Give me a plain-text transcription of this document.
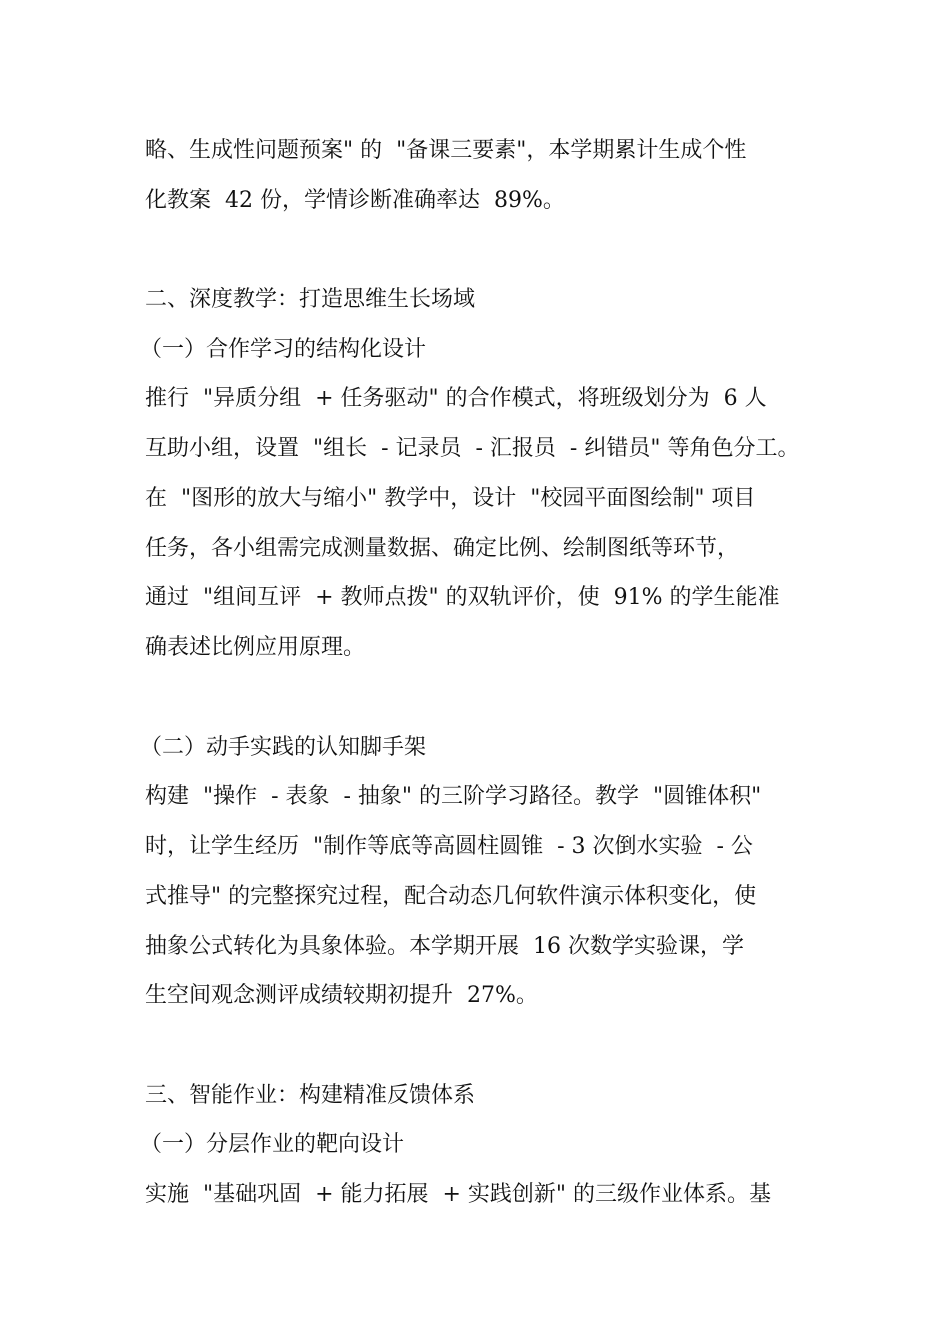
略、生成性问题预案" 的  "备课三要素"，本学期累计生成个性

化教案  42 份，学情诊断准确率达  89%。

二、深度教学：打造思维生长场域

（一）合作学习的结构化设计

推行  "异质分组  + 任务驱动" 的合作模式，将班级划分为  6 人

互助小组，设置  "组长  - 记录员  - 汇报员  - 纠错员" 等角色分工。

在  "图形的放大与缩小" 教学中，设计  "校园平面图绘制" 项目

任务，各小组需完成测量数据、确定比例、绘制图纸等环节，

通过  "组间互评  + 教师点拨" 的双轨评价，使  91% 的学生能准

确表述比例应用原理。

（二）动手实践的认知脚手架

构建  "操作  - 表象  - 抽象" 的三阶学习路径。教学  "圆锥体积"

时，让学生经历  "制作等底等高圆柱圆锥  - 3 次倒水实验  - 公

式推导" 的完整探究过程，配合动态几何软件演示体积变化，使

抽象公式转化为具象体验。本学期开展  16 次数学实验课，学

生空间观念测评成绩较期初提升  27%。

三、智能作业：构建精准反馈体系

（一）分层作业的靶向设计

实施  "基础巩固  + 能力拓展  + 实践创新" 的三级作业体系。基
